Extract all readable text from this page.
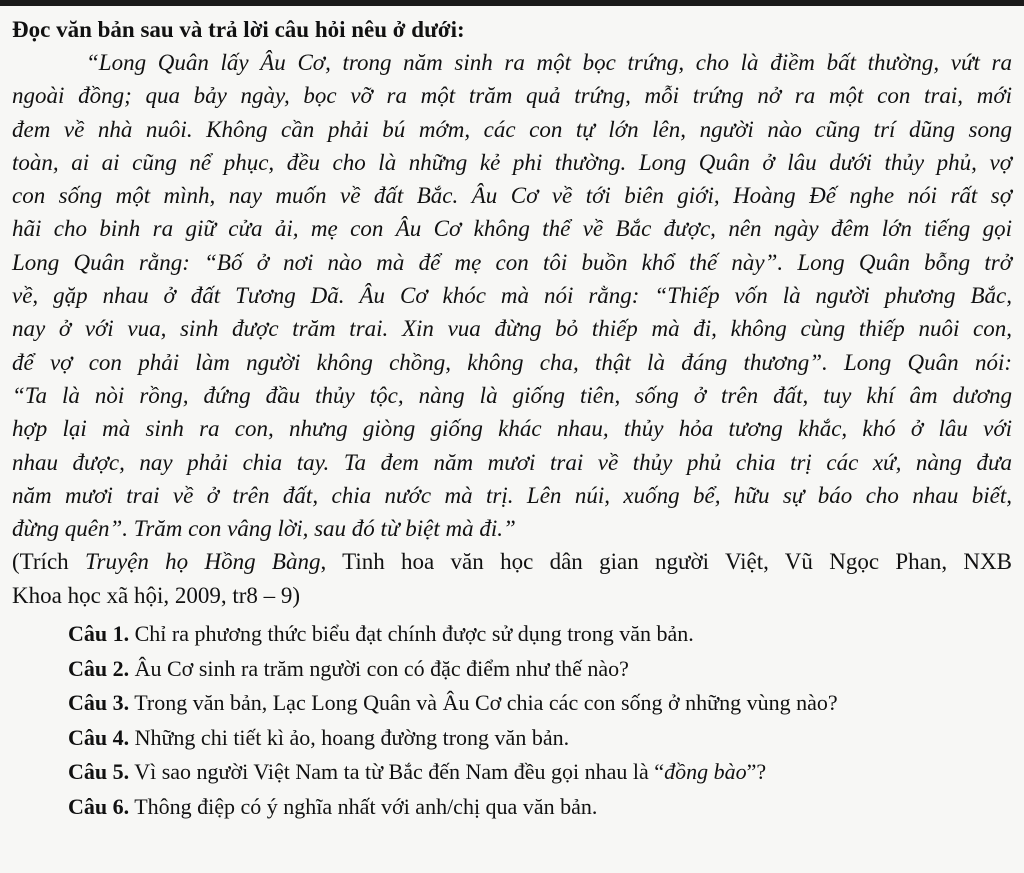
Đọc văn bản sau và trả lời câu hỏi nêu ở dưới:
“Long Quân lấy Âu Cơ, trong năm sinh ra một bọc trứng, cho là điềm bất thường, vứt ra
ngoài đồng; qua bảy ngày, bọc vỡ ra một trăm quả trứng, mỗi trứng nở ra một con trai, mới
đem về nhà nuôi. Không cần phải bú mớm, các con tự lớn lên, người nào cũng trí dũng song
toàn, ai ai cũng nể phục, đều cho là những kẻ phi thường. Long Quân ở lâu dưới thủy phủ, vợ
con sống một mình, nay muốn về đất Bắc. Âu Cơ về tới biên giới, Hoàng Đế nghe nói rất sợ
hãi cho binh ra giữ cửa ải, mẹ con Âu Cơ không thể về Bắc được, nên ngày đêm lớn tiếng gọi
Long Quân rằng: “Bố ở nơi nào mà để mẹ con tôi buồn khổ thế này”. Long Quân bỗng trở
về, gặp nhau ở đất Tương Dã. Âu Cơ khóc mà nói rằng: “Thiếp vốn là người phương Bắc,
nay ở với vua, sinh được trăm trai. Xin vua đừng bỏ thiếp mà đi, không cùng thiếp nuôi con,
để vợ con phải làm người không chồng, không cha, thật là đáng thương”. Long Quân nói:
“Ta là nòi rồng, đứng đầu thủy tộc, nàng là giống tiên, sống ở trên đất, tuy khí âm dương
hợp lại mà sinh ra con, nhưng giòng giống khác nhau, thủy hỏa tương khắc, khó ở lâu với
nhau được, nay phải chia tay. Ta đem năm mươi trai về thủy phủ chia trị các xứ, nàng đưa
năm mươi trai về ở trên đất, chia nước mà trị. Lên núi, xuống bể, hữu sự báo cho nhau biết,
đừng quên”. Trăm con vâng lời, sau đó từ biệt mà đi.”
(Trích Truyện họ Hồng Bàng, Tinh hoa văn học dân gian người Việt, Vũ Ngọc Phan, NXB
Khoa học xã hội, 2009, tr8 – 9)
Câu 1. Chỉ ra phương thức biểu đạt chính được sử dụng trong văn bản.
Câu 2. Âu Cơ sinh ra trăm người con có đặc điểm như thế nào?
Câu 3. Trong văn bản, Lạc Long Quân và Âu Cơ chia các con sống ở những vùng nào?
Câu 4. Những chi tiết kì ảo, hoang đường trong văn bản.
Câu 5. Vì sao người Việt Nam ta từ Bắc đến Nam đều gọi nhau là “đồng bào”?
Câu 6. Thông điệp có ý nghĩa nhất với anh/chị qua văn bản.
